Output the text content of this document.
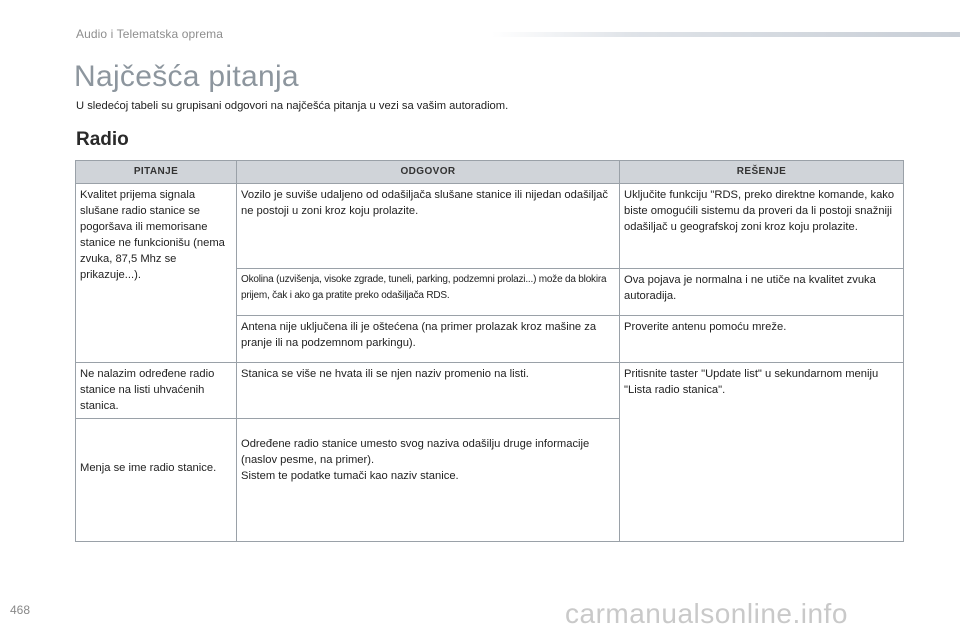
Audio i Telematska oprema
Najčešća pitanja

U sledećoj tabeli su grupisani odgovori na najčešća pitanja u vezi sa vašim autoradiom.

Radio
PITANJE	ODGOVOR	REŠENJE
Kvalitet prijema signala slušane radio stanice se pogoršava ili memorisane stanice ne funkcionišu (nema zvuka, 87,5 Mhz se prikazuje...).	Vozilo je suviše udaljeno od odašiljača slušane stanice ili nijedan odašiljač ne postoji u zoni kroz koju prolazite.	Uključite funkciju "RDS, preko direktne komande, kako biste omogućili sistemu da proveri da li postoji snažniji odašiljač u geografskoj zoni kroz koju prolazite.
	Okolina (uzvišenja, visoke zgrade, tuneli, parking, podzemni prolazi...) može da blokira prijem, čak i ako ga pratite preko odašiljača RDS.	Ova pojava je normalna i ne utiče na kvalitet zvuka autoradija.
	Antena nije uključena ili je oštećena (na primer prolazak kroz mašine za pranje ili na podzemnom parkingu).	Proverite antenu pomoću mreže.
Ne nalazim određene radio stanice na listi uhvaćenih stanica.	Stanica se više ne hvata ili se njen naziv promenio na listi.	Pritisnite taster "Update list" u sekundarnom meniju "Lista radio stanica".
Menja se ime radio stanice.	Određene radio stanice umesto svog naziva odašilju druge informacije (naslov pesme, na primer).
Sistem te podatke tumači kao naziv stanice.	
468	carmanualsonline.info
